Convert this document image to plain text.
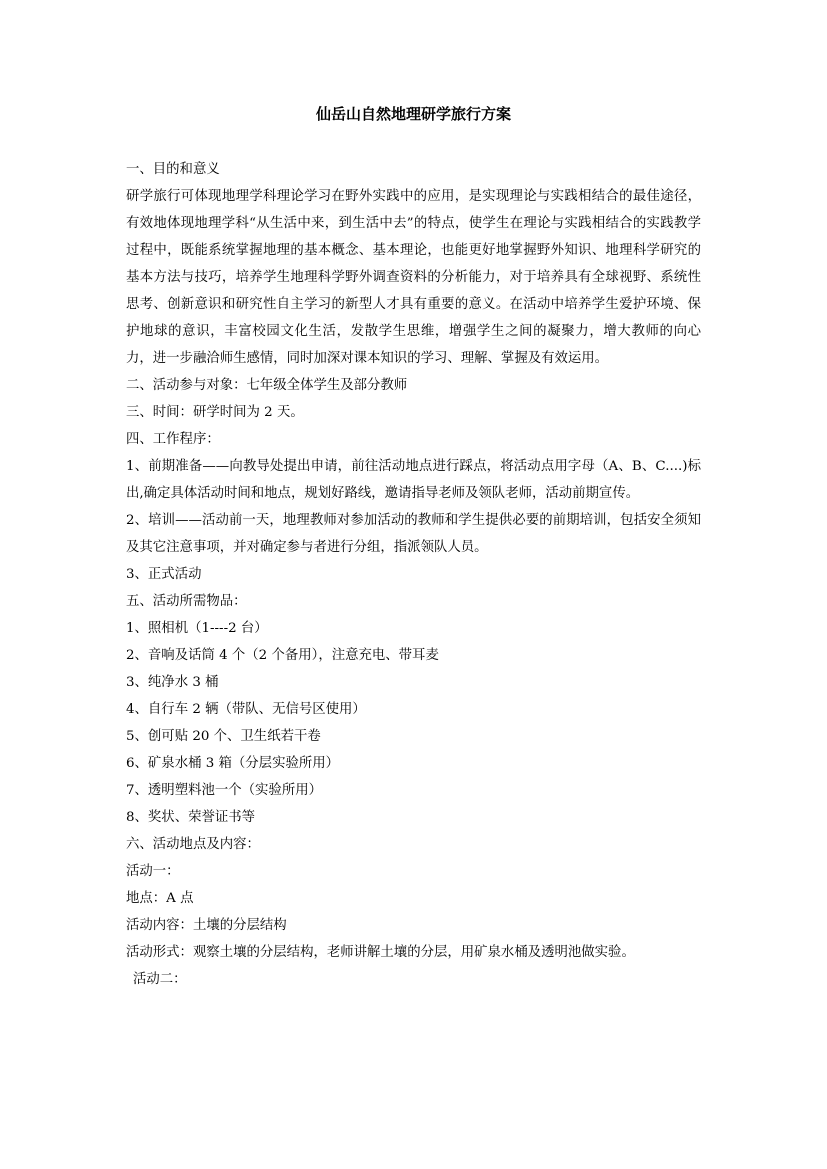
仙岳山自然地理研学旅行方案
一、目的和意义
研学旅行可体现地理学科理论学习在野外实践中的应用，是实现理论与实践相结合的最佳途径，有效地体现地理学科“从生活中来，到生活中去”的特点，使学生在理论与实践相结合的实践教学过程中，既能系统掌握地理的基本概念、基本理论，也能更好地掌握野外知识、地理科学研究的基本方法与技巧，培养学生地理科学野外调查资料的分析能力，对于培养具有全球视野、系统性思考、创新意识和研究性自主学习的新型人才具有重要的意义。在活动中培养学生爱护环境、保护地球的意识，丰富校园文化生活，发散学生思维，增强学生之间的凝聚力，增大教师的向心力，进一步融洽师生感情，同时加深对课本知识的学习、理解、掌握及有效运用。
二、活动参与对象：七年级全体学生及部分教师
三、时间：研学时间为 2 天。
四、工作程序：
1、前期准备——向教导处提出申请，前往活动地点进行踩点，将活动点用字母（A、B、C....)标出,确定具体活动时间和地点，规划好路线，邀请指导老师及领队老师，活动前期宣传。
2、培训——活动前一天，地理教师对参加活动的教师和学生提供必要的前期培训，包括安全须知及其它注意事项，并对确定参与者进行分组，指派领队人员。
3、正式活动
五、活动所需物品：
1、照相机（1----2 台）
2、音响及话筒 4 个（2 个备用），注意充电、带耳麦
3、纯净水 3 桶
4、自行车 2 辆（带队、无信号区使用）
5、创可贴 20 个、卫生纸若干卷
6、矿泉水桶 3 箱（分层实验所用）
7、透明塑料池一个（实验所用）
8、奖状、荣誉证书等
六、活动地点及内容：
活动一：
地点：A 点
活动内容：土壤的分层结构
活动形式：观察土壤的分层结构，老师讲解土壤的分层，用矿泉水桶及透明池做实验。
活动二：
